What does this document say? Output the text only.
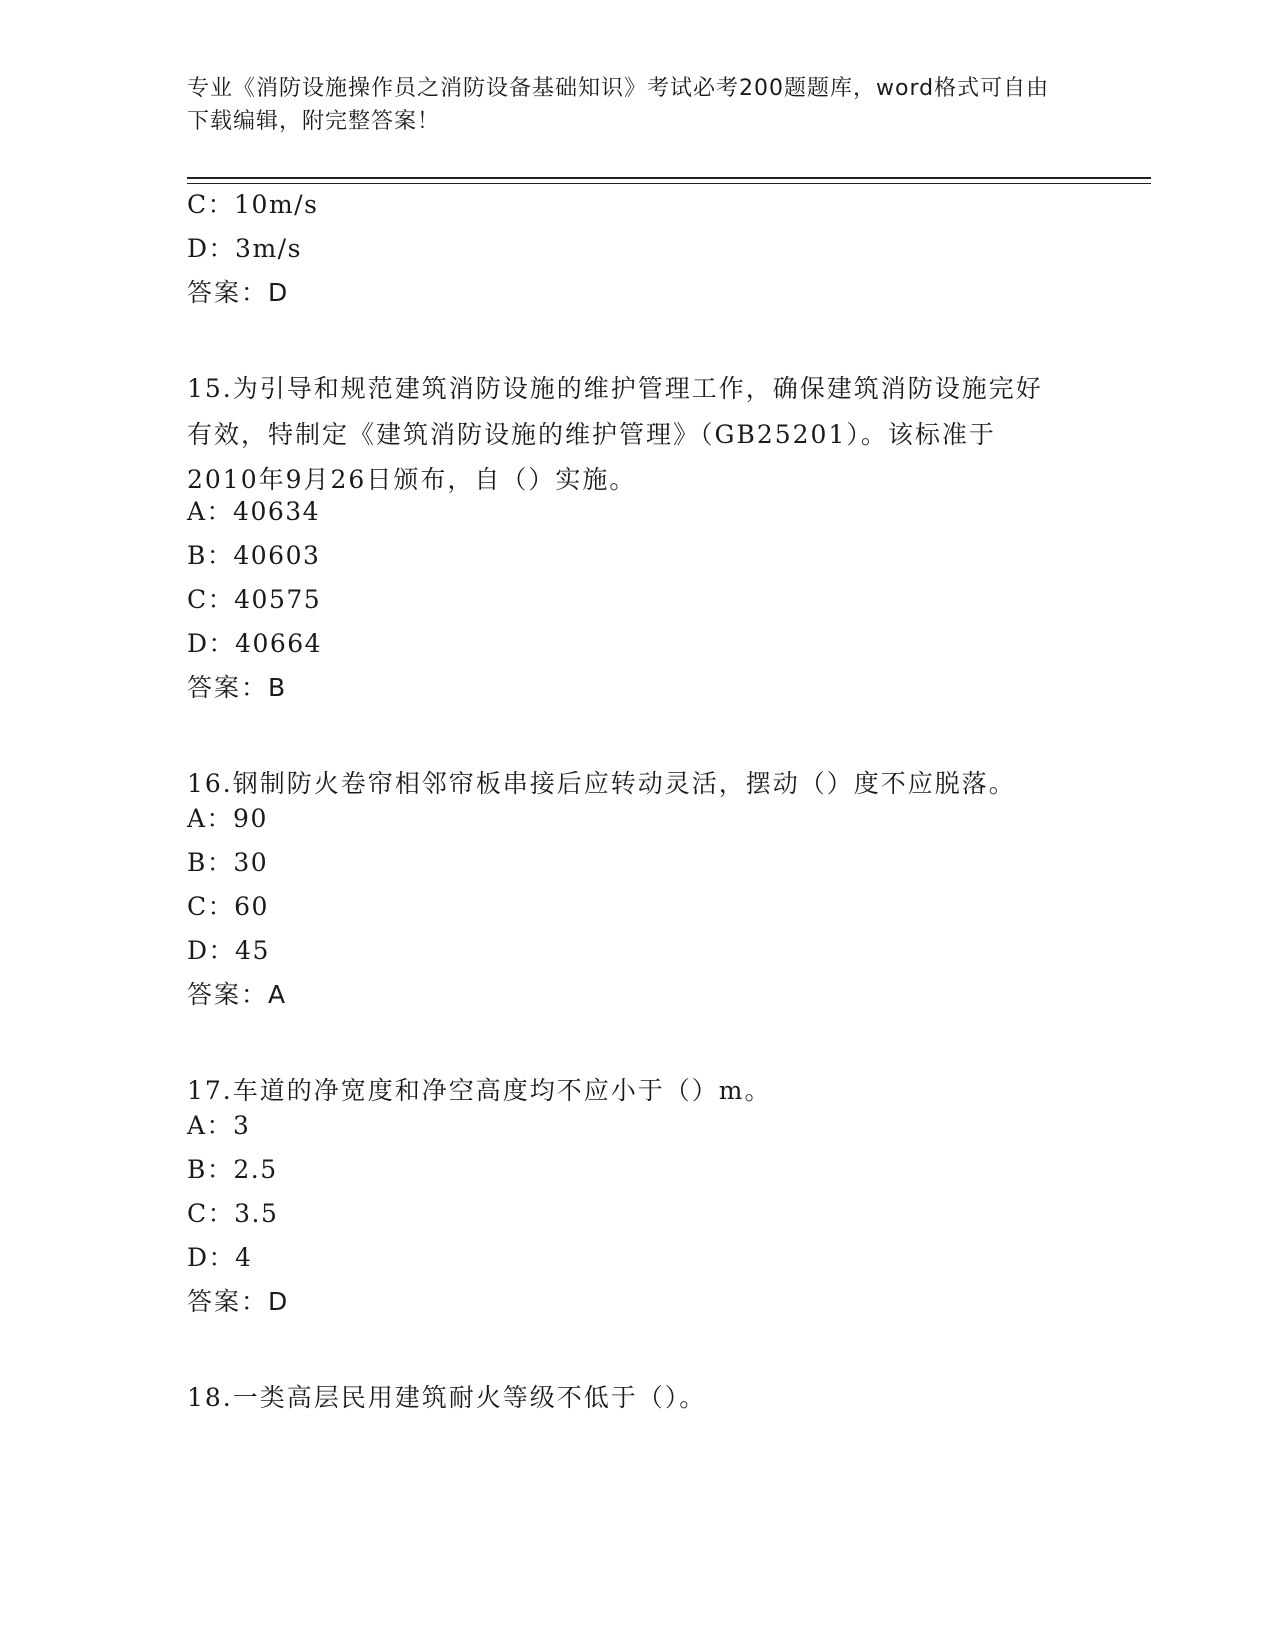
专业《消防设施操作员之消防设备基础知识》考试必考200题题库，word格式可自由下载编辑，附完整答案！
C：10m/s
D：3m/s
答案：D
15.为引导和规范建筑消防设施的维护管理工作，确保建筑消防设施完好有效，特制定《建筑消防设施的维护管理》（GB25201）。该标准于2010年9月26日颁布，自（）实施。
A：40634
B：40603
C：40575
D：40664
答案：B
16.钢制防火卷帘相邻帘板串接后应转动灵活，摆动（）度不应脱落。
A：90
B：30
C：60
D：45
答案：A
17.车道的净宽度和净空高度均不应小于（）m。
A：3
B：2.5
C：3.5
D：4
答案：D
18.一类高层民用建筑耐火等级不低于（）。
